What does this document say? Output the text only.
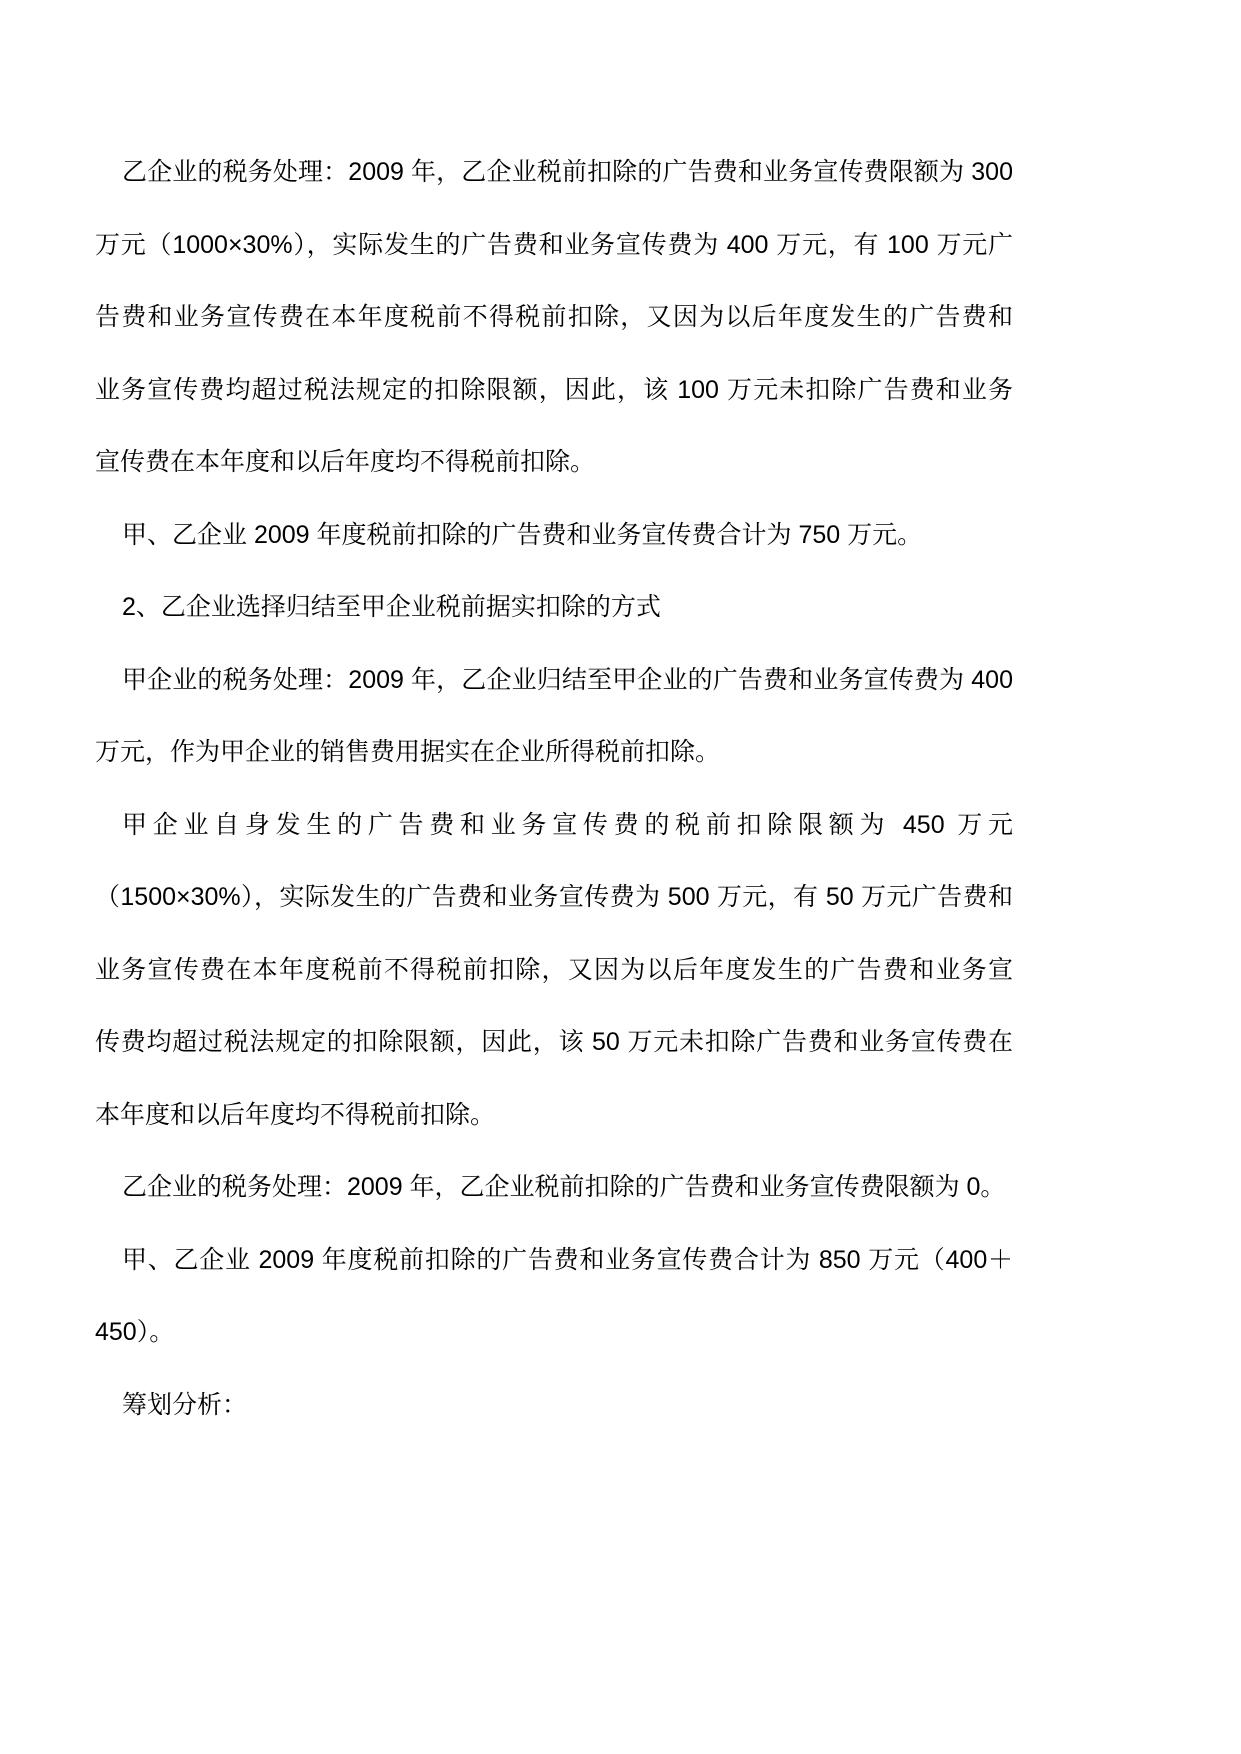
乙企业的税务处理：2009 年，乙企业税前扣除的广告费和业务宣传费限额为 300
万元（1000×30%），实际发生的广告费和业务宣传费为 400 万元，有 100 万元广
告费和业务宣传费在本年度税前不得税前扣除，又因为以后年度发生的广告费和
业务宣传费均超过税法规定的扣除限额，因此，该 100 万元未扣除广告费和业务
宣传费在本年度和以后年度均不得税前扣除。
甲、乙企业 2009 年度税前扣除的广告费和业务宣传费合计为 750 万元。
2、乙企业选择归结至甲企业税前据实扣除的方式
甲企业的税务处理：2009 年，乙企业归结至甲企业的广告费和业务宣传费为 400
万元，作为甲企业的销售费用据实在企业所得税前扣除。
甲企业自身发生的广告费和业务宣传费的税前扣除限额为 450 万元
（1500×30%），实际发生的广告费和业务宣传费为 500 万元，有 50 万元广告费和
业务宣传费在本年度税前不得税前扣除，又因为以后年度发生的广告费和业务宣
传费均超过税法规定的扣除限额，因此，该 50 万元未扣除广告费和业务宣传费在
本年度和以后年度均不得税前扣除。
乙企业的税务处理：2009 年，乙企业税前扣除的广告费和业务宣传费限额为 0。
甲、乙企业 2009 年度税前扣除的广告费和业务宣传费合计为 850 万元（400＋
450）。
筹划分析：
